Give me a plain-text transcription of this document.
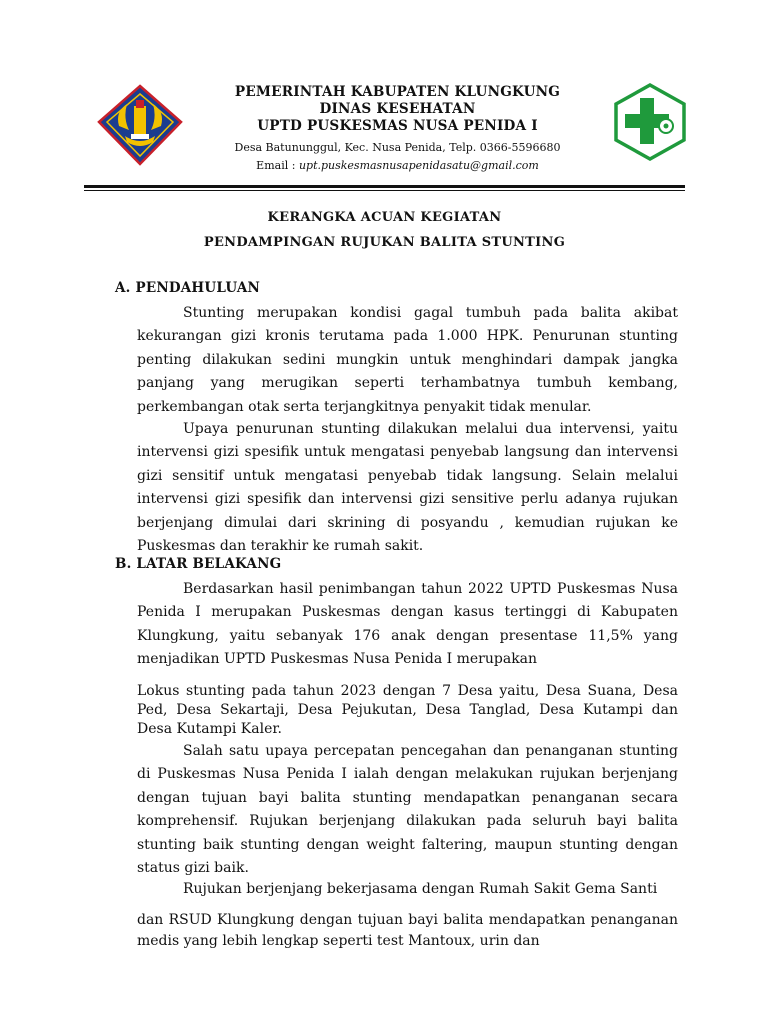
PEMERINTAH KABUPATEN KLUNGKUNG
DINAS KESEHATAN
UPTD PUSKESMAS NUSA PENIDA I
Desa Batununggul, Kec. Nusa Penida, Telp. 0366-5596680
Email : upt.puskesmasnusapenidasatu@gmail.com
KERANGKA ACUAN KEGIATAN
PENDAMPINGAN RUJUKAN BALITA STUNTING
A. PENDAHULUAN

Stunting merupakan kondisi gagal tumbuh pada balita akibat kekurangan gizi kronis terutama pada 1.000 HPK. Penurunan stunting penting dilakukan sedini mungkin untuk menghindari dampak jangka panjang yang merugikan seperti terhambatnya tumbuh kembang, perkembangan otak serta terjangkitnya penyakit tidak menular.

Upaya penurunan stunting dilakukan melalui dua intervensi, yaitu intervensi gizi spesifik untuk mengatasi penyebab langsung dan intervensi gizi sensitif untuk mengatasi penyebab tidak langsung. Selain melalui intervensi gizi spesifik dan intervensi gizi sensitive perlu adanya rujukan berjenjang dimulai dari skrining di posyandu , kemudian rujukan ke Puskesmas dan terakhir ke rumah sakit.

B. LATAR BELAKANG

Berdasarkan hasil penimbangan tahun 2022 UPTD Puskesmas Nusa Penida I merupakan Puskesmas dengan kasus tertinggi di Kabupaten Klungkung, yaitu sebanyak 176 anak dengan presentase 11,5% yang menjadikan UPTD Puskesmas Nusa Penida I merupakan

Lokus stunting pada tahun 2023 dengan 7 Desa yaitu, Desa Suana, Desa Ped, Desa Sekartaji, Desa Pejukutan, Desa Tanglad, Desa Kutampi dan Desa Kutampi Kaler.

Salah satu upaya percepatan pencegahan dan penanganan stunting di Puskesmas Nusa Penida I ialah dengan melakukan rujukan berjenjang dengan tujuan bayi balita stunting mendapatkan penanganan secara komprehensif. Rujukan berjenjang dilakukan pada seluruh bayi balita stunting baik stunting dengan weight faltering, maupun stunting dengan status gizi baik.

Rujukan berjenjang bekerjasama dengan Rumah Sakit Gema Santi

dan RSUD Klungkung dengan tujuan bayi balita mendapatkan penanganan medis yang lebih lengkap seperti test Mantoux, urin dan
